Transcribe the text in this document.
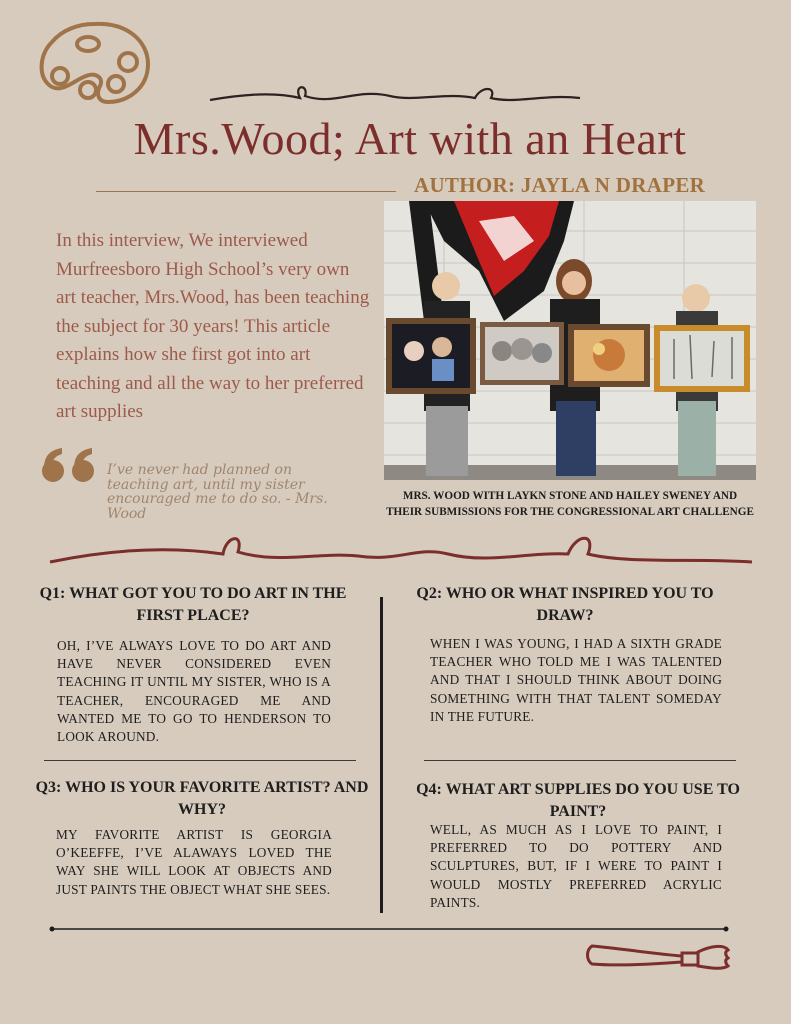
Mrs.Wood; Art with an Heart
AUTHOR: JAYLA N DRAPER
In this interview, We interviewed Murfreesboro High School’s very own art teacher, Mrs.Wood, has been teaching the subject for 30 years! This article explains how she first got into art teaching and all the way to her preferred art supplies
MRS. WOOD WITH LAYKN STONE AND HAILEY SWENEY AND THEIR SUBMISSIONS FOR THE CONGRESSIONAL ART CHALLENGE
I’ve never had planned on teaching art, until my sister encouraged me to do so. - Mrs. Wood
Q1: WHAT GOT YOU TO DO ART IN THE FIRST PLACE?
OH, I’VE ALWAYS LOVE TO DO ART AND HAVE NEVER CONSIDERED EVEN TEACHING IT UNTIL MY SISTER, WHO IS A TEACHER, ENCOURAGED ME AND WANTED ME TO GO TO HENDERSON TO LOOK AROUND.
Q2: WHO OR WHAT INSPIRED YOU TO DRAW?
WHEN I WAS YOUNG, I HAD A SIXTH GRADE TEACHER WHO TOLD ME I WAS TALENTED AND THAT I SHOULD THINK ABOUT DOING SOMETHING WITH THAT TALENT SOMEDAY IN THE FUTURE.
Q3: WHO IS YOUR FAVORITE ARTIST? AND WHY?
MY FAVORITE ARTIST IS GEORGIA O’KEEFFE, I’VE ALAWAYS LOVED THE WAY SHE WILL LOOK AT OBJECTS AND JUST PAINTS THE OBJECT WHAT SHE SEES.
Q4: WHAT ART SUPPLIES DO YOU USE TO PAINT?
WELL, AS MUCH AS I LOVE TO PAINT, I PREFERRED TO DO POTTERY AND SCULPTURES, BUT, IF I WERE TO PAINT I WOULD MOSTLY PREFERRED ACRYLIC PAINTS.
